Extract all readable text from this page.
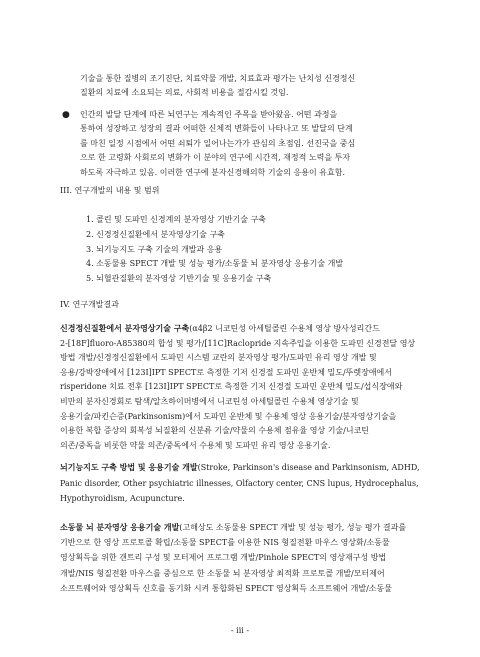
기술을 통한 질병의 조기진단, 치료약물 개발, 치료효과 평가는 난치성 신경정신

질환의 치료에 소요되는 의료, 사회적 비용을 절감시킬 것임.

●	인간의 발달 단계에 따른 뇌연구는 계속적인 주목을 받아왔음. 어떤 과정을

통하여 성장하고 성장의 결과 어떠한 신체적 변화들이 나타나고 또 발달의 단계

를 마친 일정 시점에서 어떤 쇠퇴가 일어나는가가 관심의 초점임. 선진국을 중심

으로 한 고령화 사회로의 변화가 이 분야의 연구에 시간적, 재정적 노력을 투자

하도록 자극하고 있음. 이러한 연구에 분자신경해의학 기술의 응용이 유효함.

III. 연구개발의 내용 및 범위
1. 콜린 및 도파민 신경계의 분자영상 기반기술 구축
2. 신경정신질환에서 분자영상기술 구축
3. 뇌기능지도 구축 기술의 개발과 응용
4. 소동물용 SPECT 개발 및 성능 평가/소동물 뇌 분자영상 응용기술 개발
5. 뇌혈관질환의 분자영상 기반기술 및 응용기술 구축
IV. 연구개발결과

신경정신질환에서 분자영상기술 구축(α4β2 니코틴성 아세틸콜린 수용체 영상 방사성리간드

2-[18F]fluoro-A85380의 합성 및 평가/[11C]Raclopride 지속주입을 이용한 도파민 신경전달 영상

방법 개발/신경정신질환에서 도파민 시스템 교란의 분자영상 평가/도파민 유리 영상 개발 및

응용/강박장애에서 [123I]IPT SPECT로 측정한 기저 신경절 도파민 운반체 밀도/뚜렛장애에서

risperidone 치료 전후 [123I]IPT SPECT로 측정한 기저 신경절 도파민 운반체 밀도/섭식장애와

비만의 분자신경회로 탐색/알츠하이머병에서 니코틴성 아세틸콜린 수용체 영상기술 및

응용기술/파킨슨증(Parkinsonism)에서 도파민 운반체 및 수용체 영상 응용기술/분자영상기술을

이용한 복합 증상의 회복성 뇌질환의 신분류 기술/약물의 수용체 점유율 영상 기술/니코틴

의존/중독을 비롯한 약물 의존/중독에서 수용체 및 도파민 유리 영상 응용기술.

뇌기능지도 구축 방법 및 응용기술 개발(Stroke, Parkinson's disease and Parkinsonism, ADHD,

Panic disorder, Other psychiatric illnesses, Olfactory center, CNS lupus, Hydrocephalus,

Hypothyroidism, Acupuncture.

소동물 뇌 분자영상 응용기술 개발(고해상도 소동물용 SPECT 개발 및 성능 평가, 성능 평가 결과를

기반으로 한 영상 프로토콜 확립/소동물 SPECT를 이용한 NIS 형질전환 마우스 영상화/소동물

영상획득을 위한 갠트리 구성 및 모터제어 프로그램 개발/Pinhole SPECT의 영상재구성 방법

개발/NIS 형질전환 마우스를 중심으로 한 소동물 뇌 분자영상 최적화 프로토콜 개발/모터제어

소프트웨어와 영상획득 신호를 동기화 시켜 통합화된 SPECT 영상획득 소프트웨어 개발/소동물

- iii -
